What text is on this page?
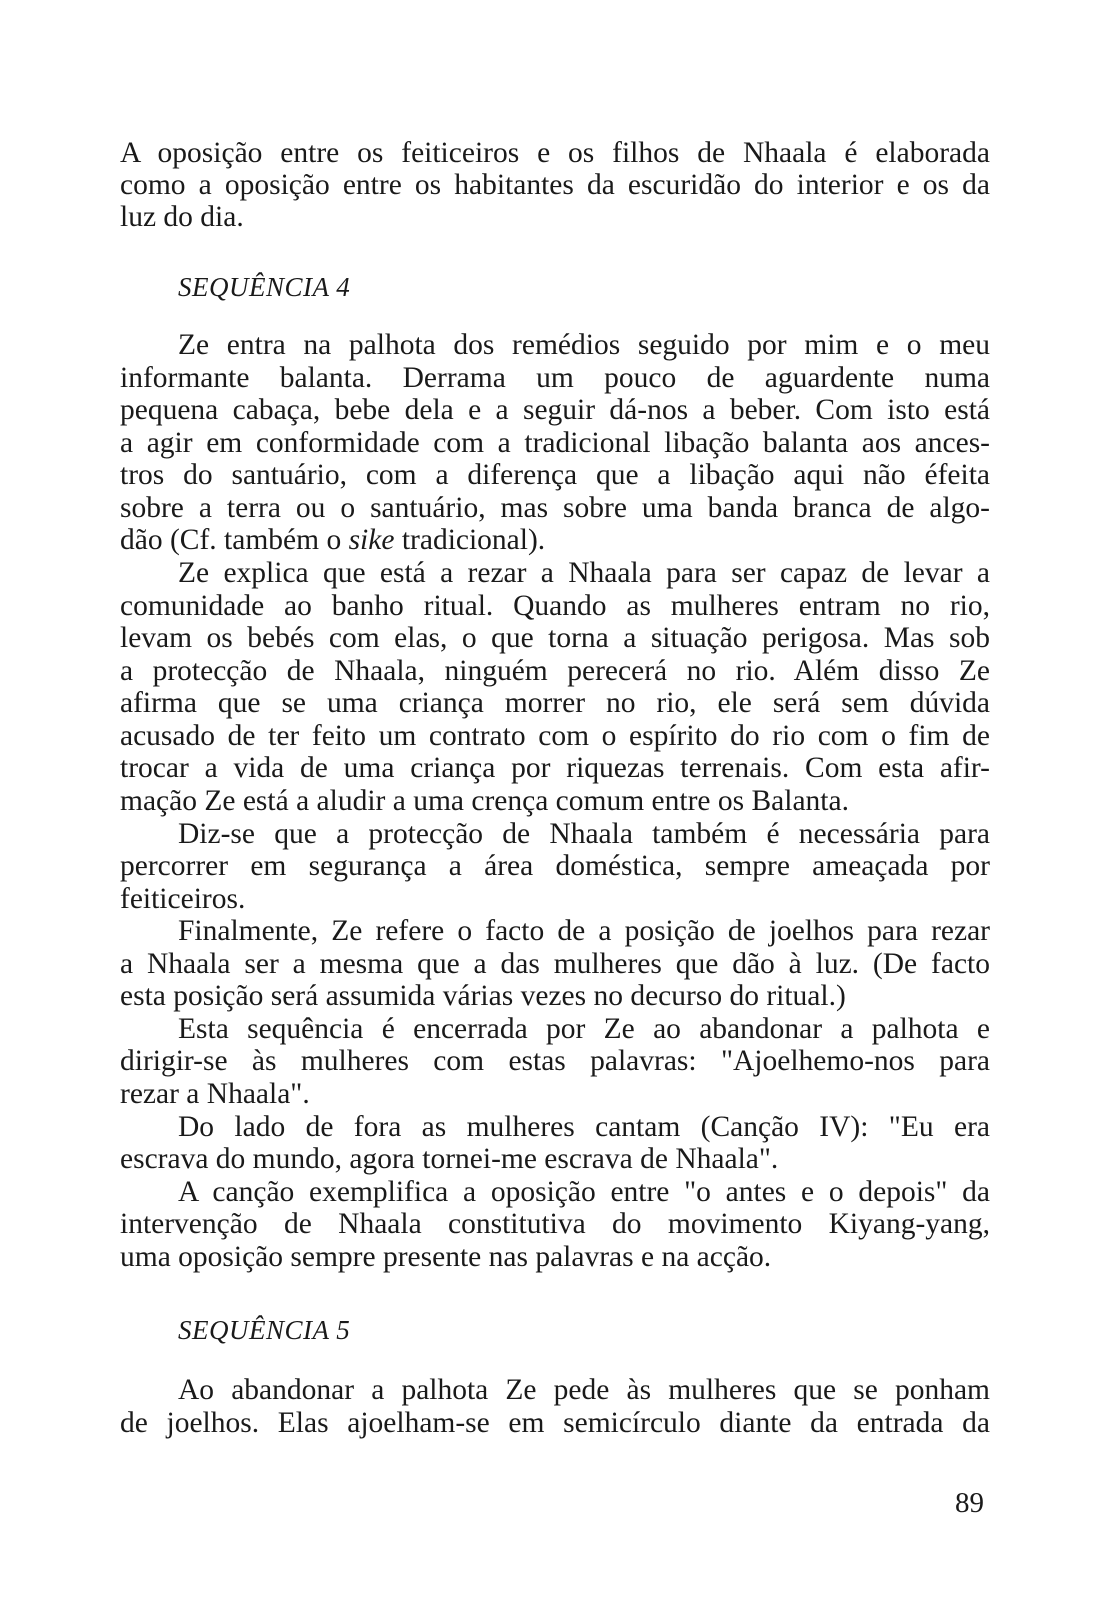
A oposição entre os feiticeiros e os filhos de Nhaala é elaborada
como a oposição entre os habitantes da escuridão do interior e os da
luz do dia.
SEQUÊNCIA 4
Ze entra na palhota dos remédios seguido por mim e o meu
informante balanta. Derrama um pouco de aguardente numa
pequena cabaça, bebe dela e a seguir dá-nos a beber. Com isto está
a agir em conformidade com a tradicional libação balanta aos ances-
tros do santuário, com a diferença que a libação aqui não éfeita
sobre a terra ou o santuário, mas sobre uma banda branca de algo-
dão (Cf. também o sike tradicional).
Ze explica que está a rezar a Nhaala para ser capaz de levar a
comunidade ao banho ritual. Quando as mulheres entram no rio,
levam os bebés com elas, o que torna a situação perigosa. Mas sob
a protecção de Nhaala, ninguém perecerá no rio. Além disso Ze
afirma que se uma criança morrer no rio, ele será sem dúvida
acusado de ter feito um contrato com o espírito do rio com o fim de
trocar a vida de uma criança por riquezas terrenais. Com esta afir-
mação Ze está a aludir a uma crença comum entre os Balanta.
Diz-se que a protecção de Nhaala também é necessária para
percorrer em segurança a área doméstica, sempre ameaçada por
feiticeiros.
Finalmente, Ze refere o facto de a posição de joelhos para rezar
a Nhaala ser a mesma que a das mulheres que dão à luz. (De facto
esta posição será assumida várias vezes no decurso do ritual.)
Esta sequência é encerrada por Ze ao abandonar a palhota e
dirigir-se às mulheres com estas palavras: "Ajoelhemo-nos para
rezar a Nhaala".
Do lado de fora as mulheres cantam (Canção IV): "Eu era
escrava do mundo, agora tornei-me escrava de Nhaala".
A canção exemplifica a oposição entre "o antes e o depois" da
intervenção de Nhaala constitutiva do movimento Kiyang-yang,
uma oposição sempre presente nas palavras e na acção.
SEQUÊNCIA 5
Ao abandonar a palhota Ze pede às mulheres que se ponham
de joelhos. Elas ajoelham-se em semicírculo diante da entrada da
89
